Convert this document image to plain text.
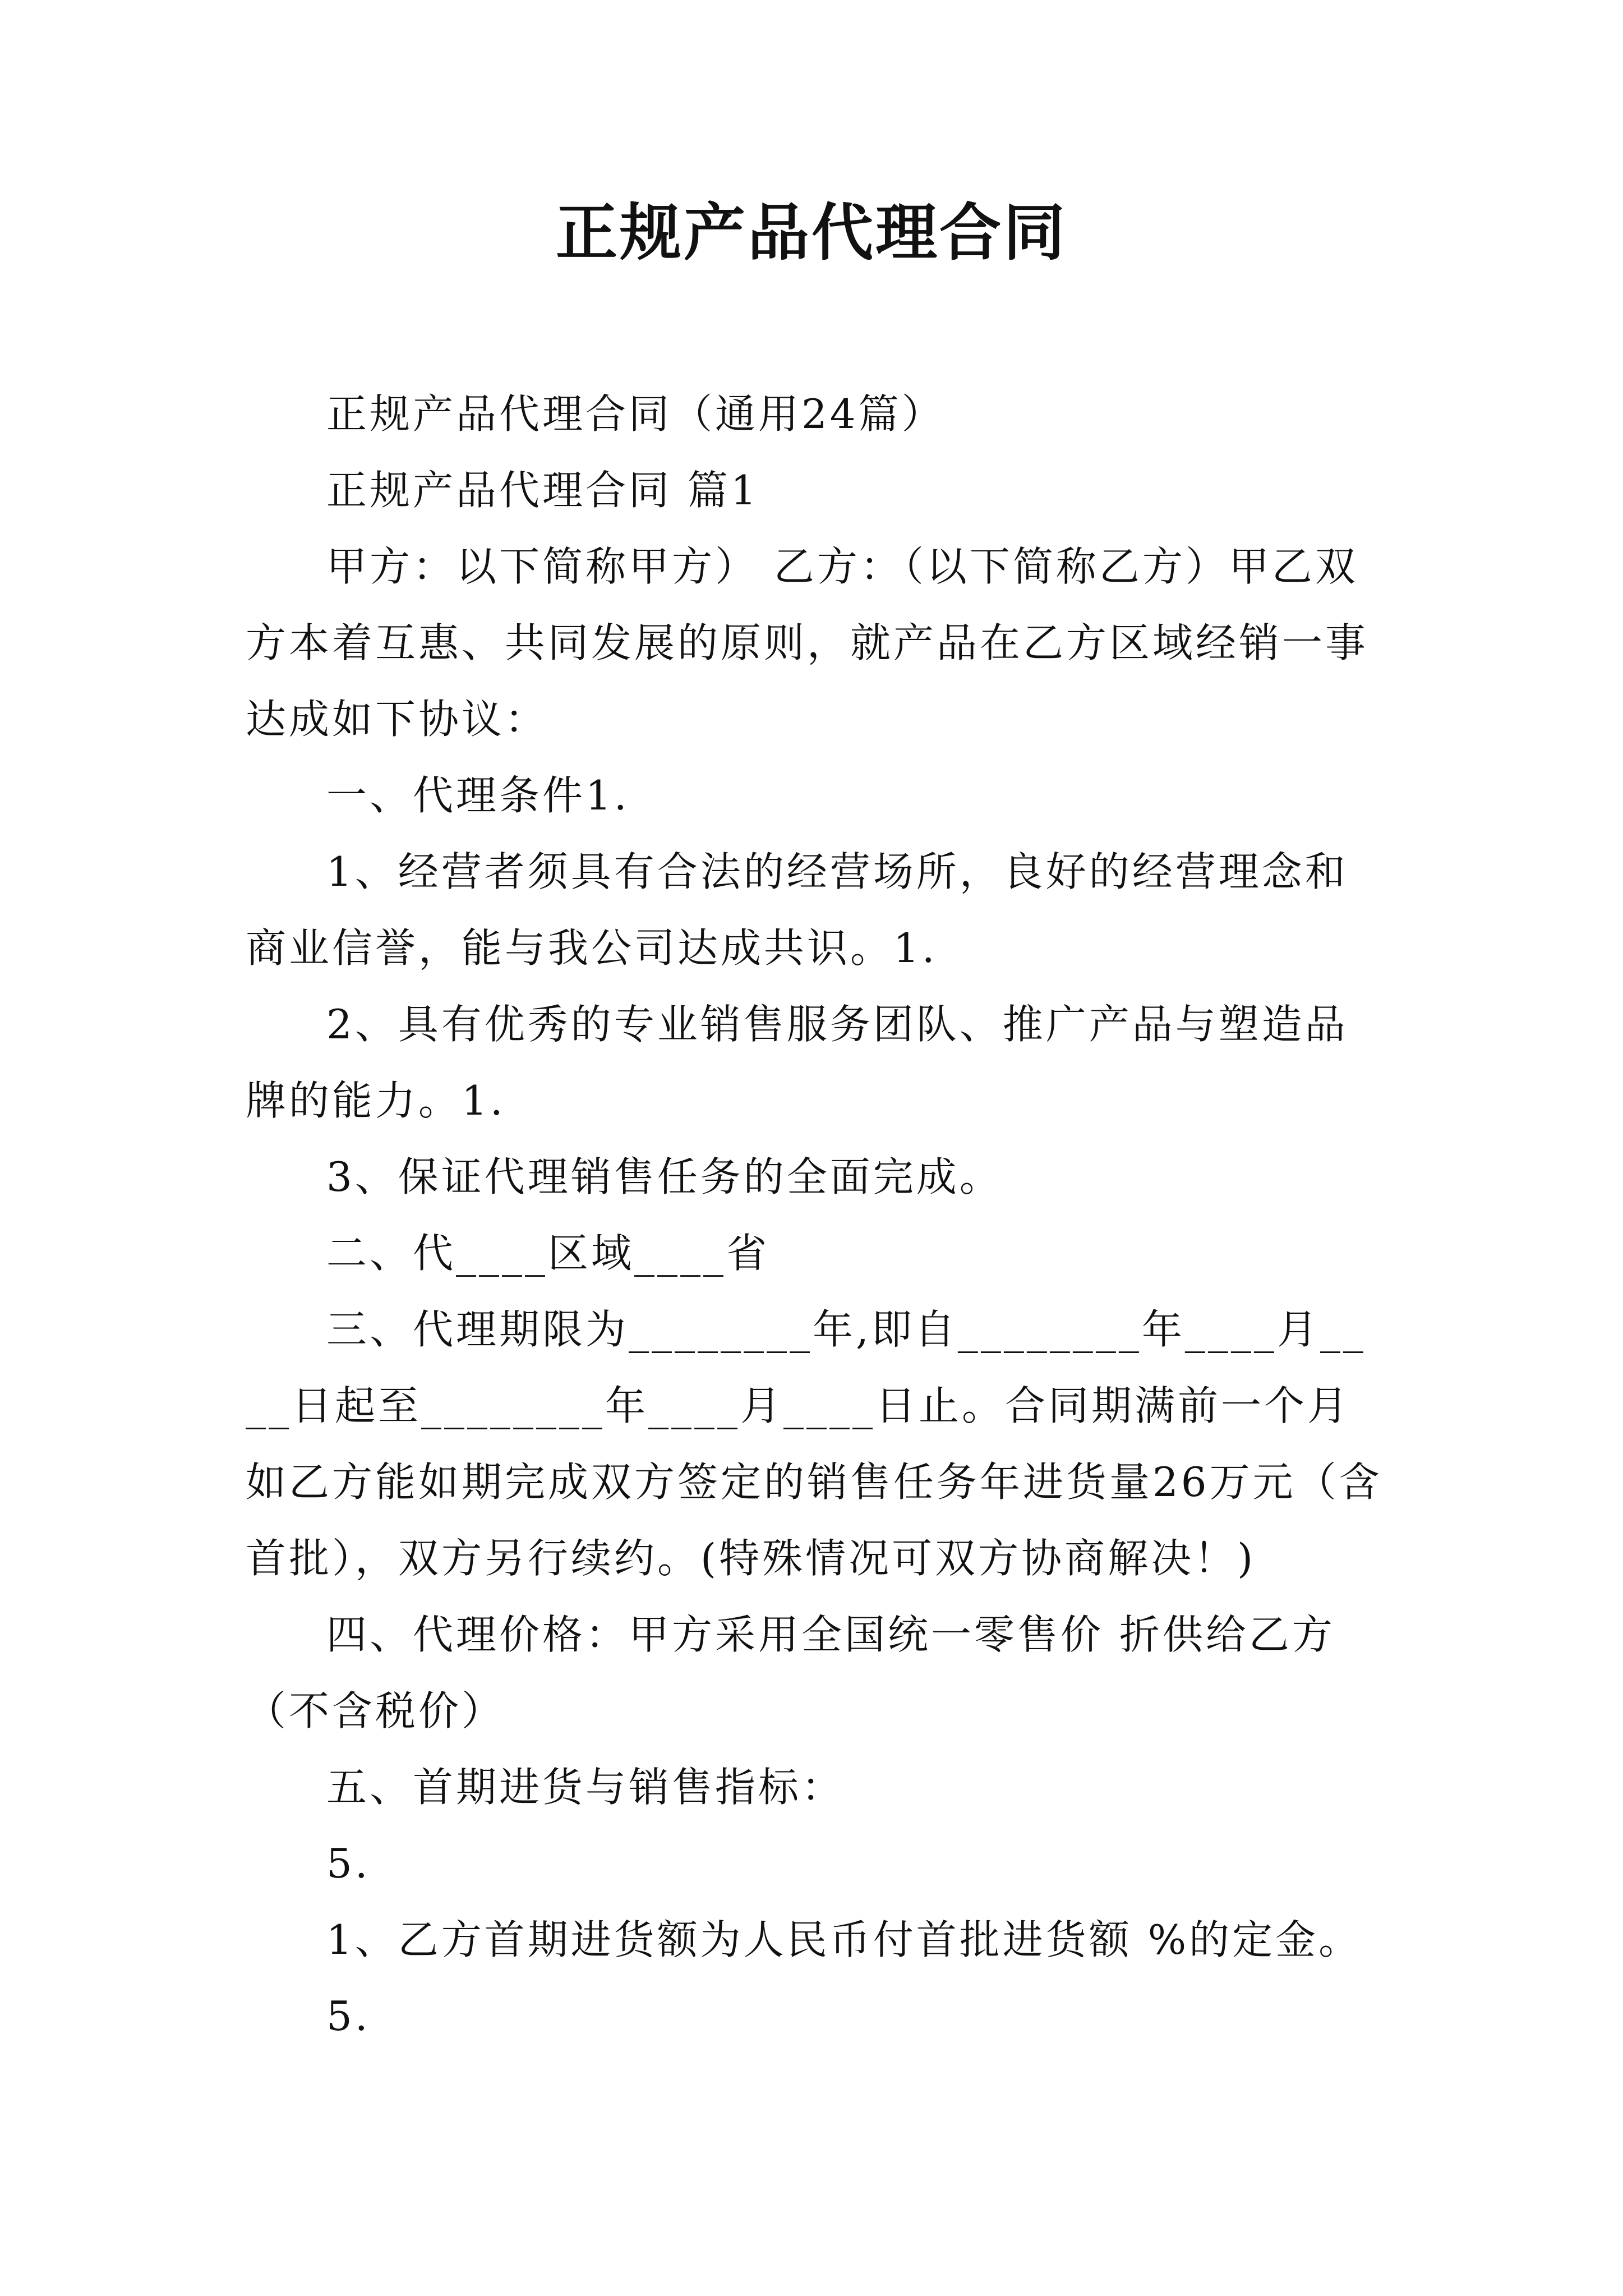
正规产品代理合同

正规产品代理合同（通用24篇）

正规产品代理合同 篇1

甲方：以下简称甲方） 乙方：（以下简称乙方）甲乙双方本着互惠、共同发展的原则，就产品在乙方区域经销一事达成如下协议：

一、代理条件1.

1、经营者须具有合法的经营场所，良好的经营理念和商业信誉，能与我公司达成共识。1.

2、具有优秀的专业销售服务团队、推广产品与塑造品牌的能力。1.

3、保证代理销售任务的全面完成。

二、代____区域____省

三、代理期限为________年,即自________年____月____日起至________年____月____日止。合同期满前一个月如乙方能如期完成双方签定的销售任务年进货量26万元（含首批），双方另行续约。(特殊情况可双方协商解决！)

四、代理价格：甲方采用全国统一零售价 折供给乙方（不含税价）

五、首期进货与销售指标：

5.

1、乙方首期进货额为人民币付首批进货额 %的定金。

5.
